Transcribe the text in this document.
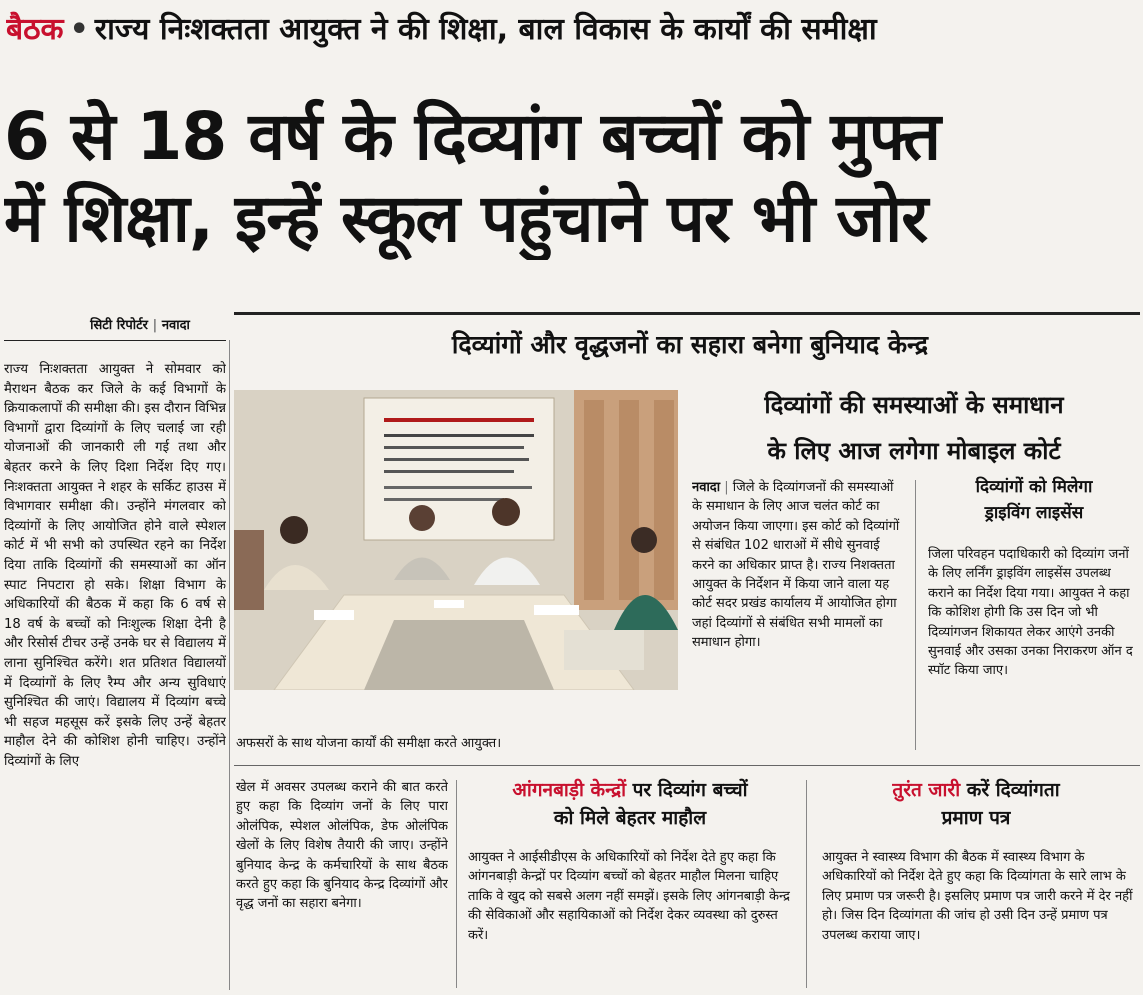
बैठक • राज्य निःशक्तता आयुक्त ने की शिक्षा, बाल विकास के कार्यों की समीक्षा
6 से 18 वर्ष के दिव्यांग बच्चों को मुफ्त
में शिक्षा, इन्हें स्कूल पहुंचाने पर भी जोर
सिटी रिपोर्टर | नवादा
राज्य निःशक्तता आयुक्त ने सोमवार को मैराथन बैठक कर जिले के कई विभागों के क्रियाकलापों की समीक्षा की। इस दौरान विभिन्न विभागों द्वारा दिव्यांगों के लिए चलाई जा रही योजनाओं की जानकारी ली गई तथा और बेहतर करने के लिए दिशा निर्देश दिए गए। निःशक्तता आयुक्त ने शहर के सर्किट हाउस में विभागवार समीक्षा की। उन्होंने मंगलवार को दिव्यांगों के लिए आयोजित होने वाले स्पेशल कोर्ट में भी सभी को उपस्थित रहने का निर्देश दिया ताकि दिव्यांगों की समस्याओं का ऑन स्पाट निपटारा हो सके। शिक्षा विभाग के अधिकारियों की बैठक में कहा कि 6 वर्ष से 18 वर्ष के बच्चों को निःशुल्क शिक्षा देनी है और रिसोर्स टीचर उन्हें उनके घर से विद्यालय में लाना सुनिश्चित करेंगे। शत प्रतिशत विद्यालयों में दिव्यांगों के लिए रैम्प और अन्य सुविधाएं सुनिश्चित की जाएं। विद्यालय में दिव्यांग बच्चे भी सहज महसूस करें इसके लिए उन्हें बेहतर माहौल देने की कोशिश होनी चाहिए। उन्होंने दिव्यांगों के लिए
दिव्यांगों और वृद्धजनों का सहारा बनेगा बुनियाद केन्द्र
अफसरों के साथ योजना कार्यों की समीक्षा करते आयुक्त।
दिव्यांगों की समस्याओं के समाधान
के लिए आज लगेगा मोबाइल कोर्ट
नवादा | जिले के दिव्यांगजनों की समस्याओं के समाधान के लिए आज चलंत कोर्ट का अयोजन किया जाएगा। इस कोर्ट को दिव्यांगों से संबंधित 102 धाराओं में सीधे सुनवाई करने का अधिकार प्राप्त है। राज्य निशक्तता आयुक्त के निर्देशन में किया जाने वाला यह कोर्ट सदर प्रखंड कार्यालय में आयोजित होगा जहां दिव्यांगों से संबंधित सभी मामलों का समाधान होगा।
दिव्यांगों को मिलेगा
ड्राइविंग लाइसेंस
जिला परिवहन पदाधिकारी को दिव्यांग जनों के लिए लर्निंग ड्राइविंग लाइसेंस उपलब्ध कराने का निर्देश दिया गया। आयुक्त ने कहा कि कोशिश होगी कि उस दिन जो भी दिव्यांगजन शिकायत लेकर आएंगे उनकी सुनवाई और उसका उनका निराकरण ऑन द स्पॉट किया जाए।
खेल में अवसर उपलब्ध कराने की बात करते हुए कहा कि दिव्यांग जनों के लिए पारा ओलंपिक, स्पेशल ओलंपिक, डेफ ओलंपिक खेलों के लिए विशेष तैयारी की जाए। उन्होंने बुनियाद केन्द्र के कर्मचारियों के साथ बैठक करते हुए कहा कि बुनियाद केन्द्र दिव्यांगों और वृद्ध जनों का सहारा बनेगा।
आंगनबाड़ी केन्द्रों पर दिव्यांग बच्चों
को मिले बेहतर माहौल
आयुक्त ने आईसीडीएस के अधिकारियों को निर्देश देते हुए कहा कि आंगनबाड़ी केन्द्रों पर दिव्यांग बच्चों को बेहतर माहौल मिलना चाहिए ताकि वे खुद को सबसे अलग नहीं समझें। इसके लिए आंगनबाड़ी केन्द्र की सेविकाओं और सहायिकाओं को निर्देश देकर व्यवस्था को दुरुस्त करें।
तुरंत जारी करें दिव्यांगता
प्रमाण पत्र
आयुक्त ने स्वास्थ्य विभाग की बैठक में स्वास्थ्य विभाग के अधिकारियों को निर्देश देते हुए कहा कि दिव्यांगता के सारे लाभ के लिए प्रमाण पत्र जरूरी है। इसलिए प्रमाण पत्र जारी करने में देर नहीं हो। जिस दिन दिव्यांगता की जांच हो उसी दिन उन्हें प्रमाण पत्र उपलब्ध कराया जाए।
